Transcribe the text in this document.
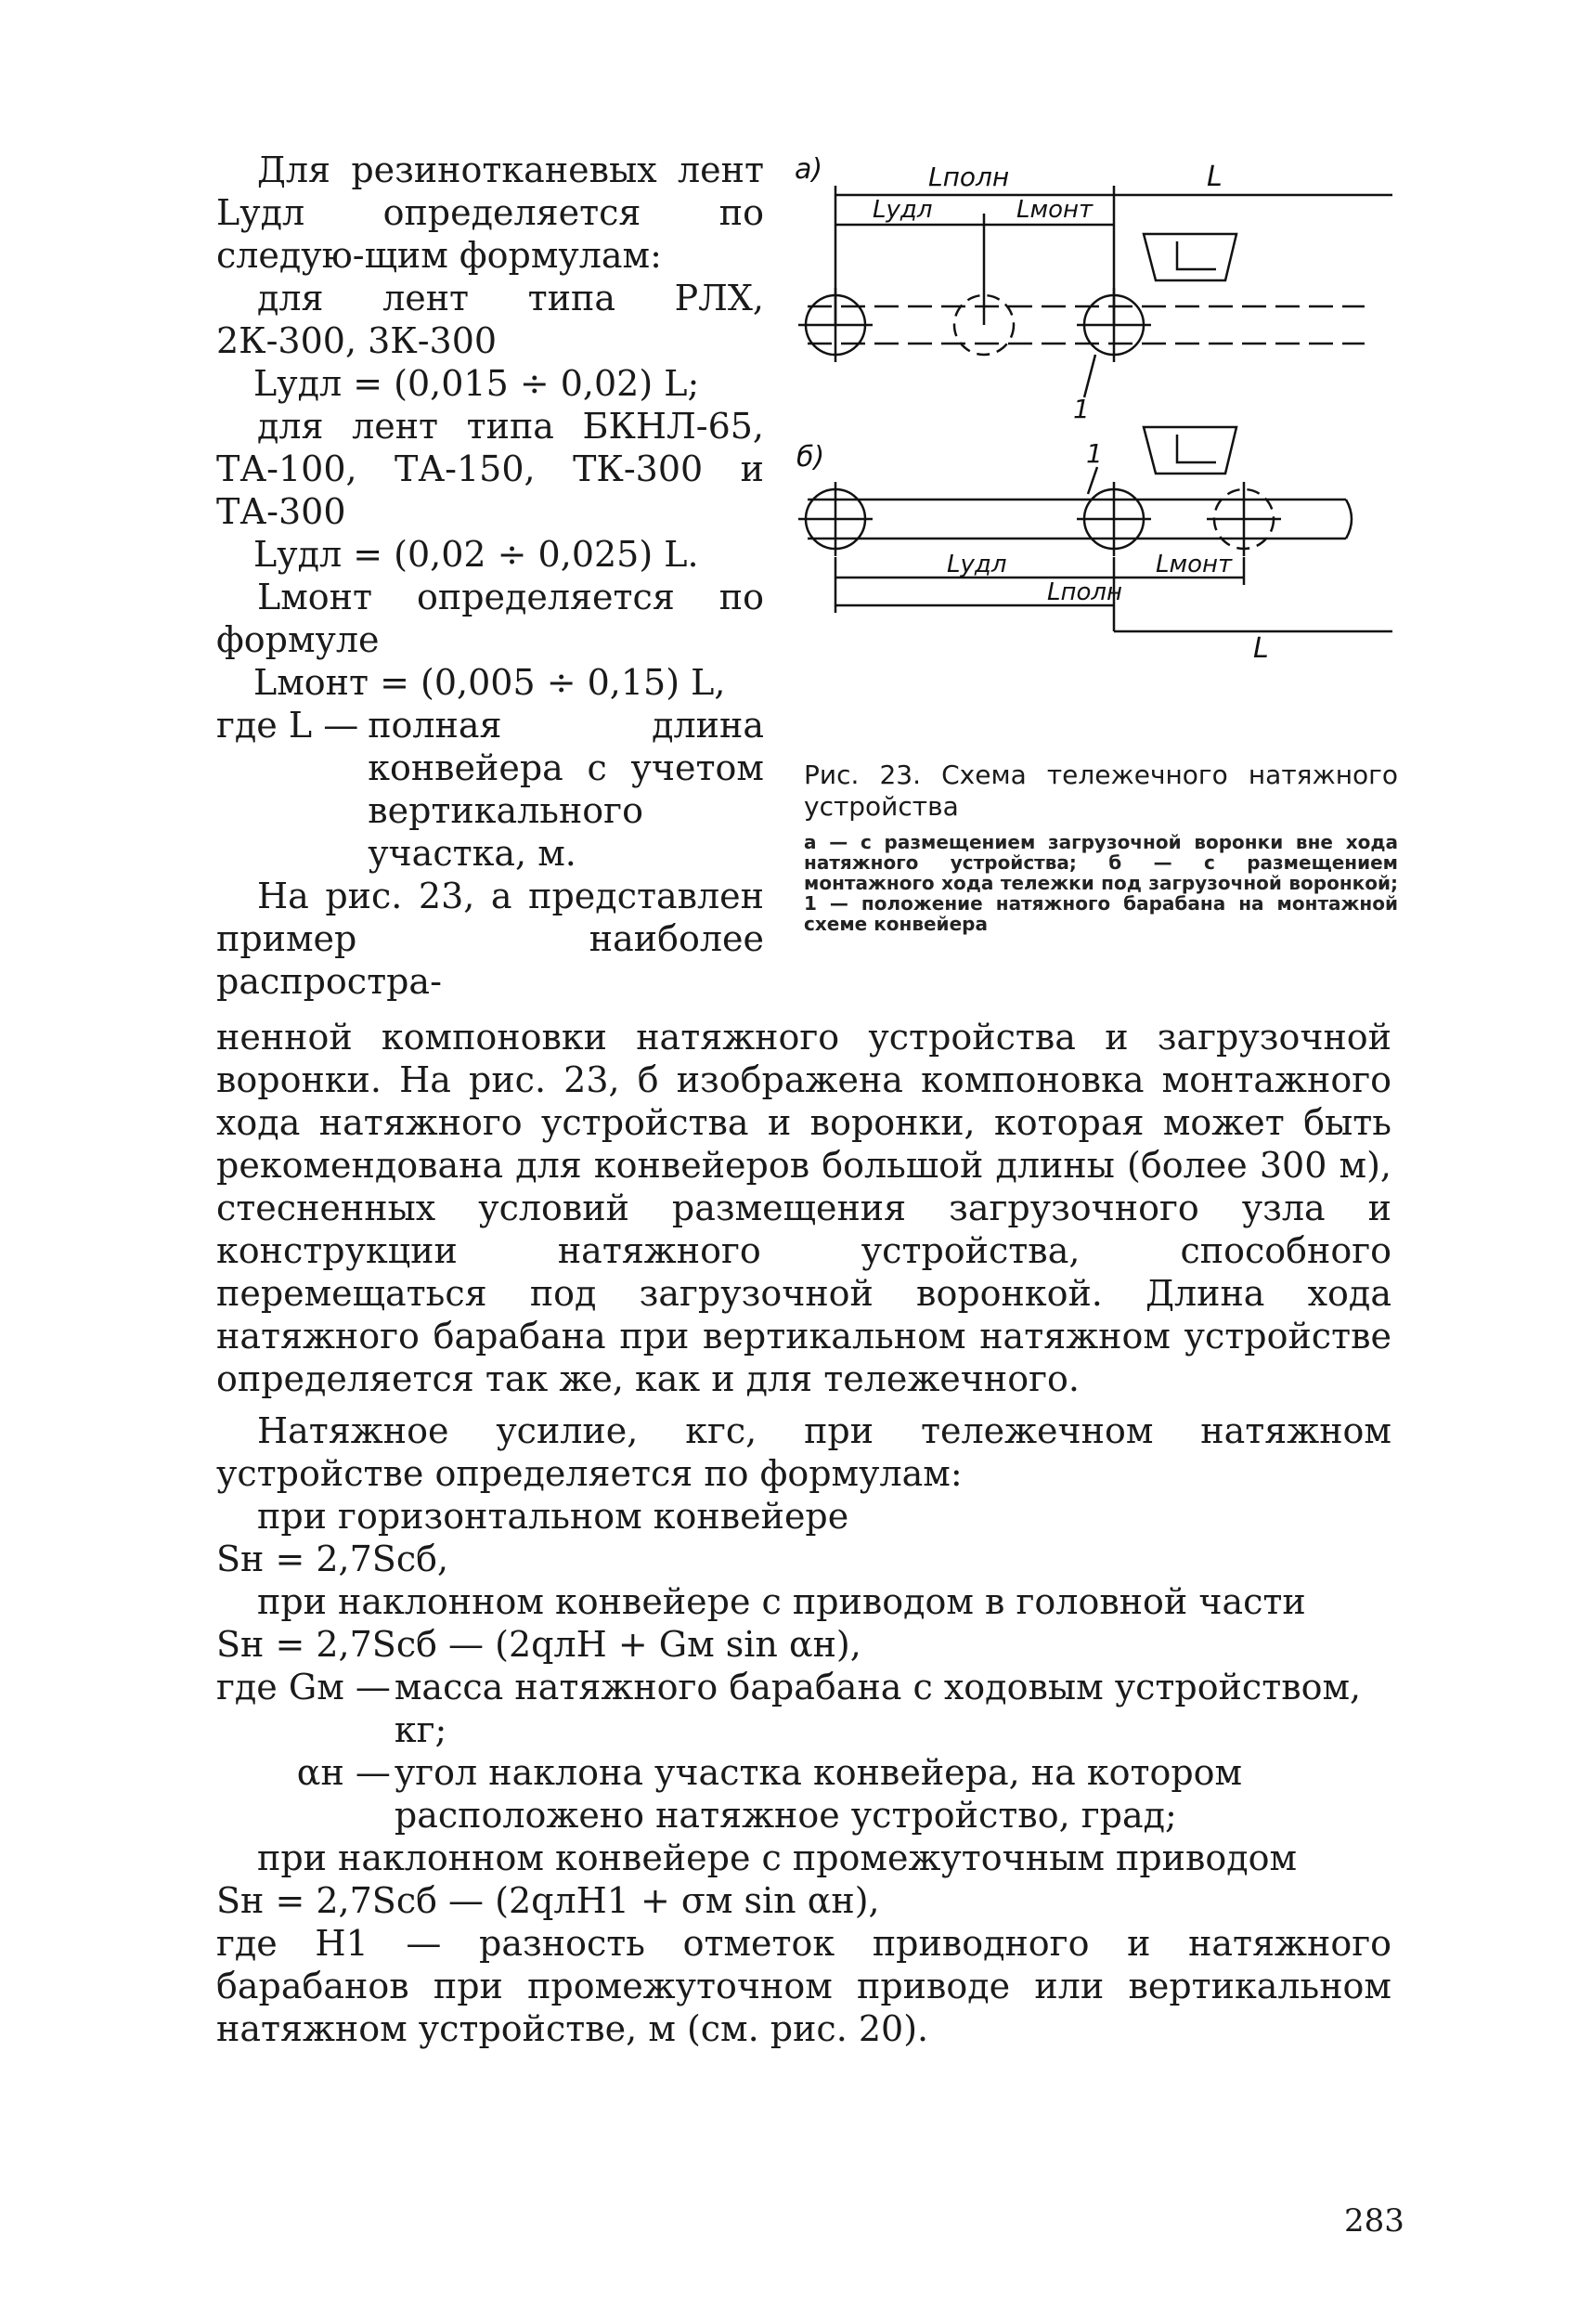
Для резинотканевых лент Lудл определяется по следую-щим формулам:

для лент типа РЛХ, 2К-300, 3К-300

Lудл = (0,015 ÷ 0,02) L;

для лент типа БКНЛ-65, ТА-100, ТА-150, ТК-300 и ТА-300

Lудл = (0,02 ÷ 0,025) L.

Lмонт определяется по формуле

Lмонт = (0,005 ÷ 0,15) L,

где L — полная длина конвейера с учетом вертикального участка, м.

На рис. 23, а представлен пример наиболее распростра-

а)	Lполн	L
Lудл	Lмонт
1
б)	1
Lудл	Lмонт
Lполн
L
Рис. 23. Схема тележечного натяжного устройства
а — с размещением загрузочной воронки вне хода натяжного устройства; б — с размещением монтажного хода тележки под загрузочной воронкой; 1 — положение натяжного барабана на монтажной схеме конвейера

ненной компоновки натяжного устройства и загрузочной воронки. На рис. 23, б изображена компоновка монтажного хода натяжного устройства и воронки, которая может быть рекомендована для конвейеров большой длины (более 300 м), стесненных условий размещения загрузочного узла и конструкции натяжного устройства, способного перемещаться под загрузочной воронкой. Длина хода натяжного барабана при вертикальном натяжном устройстве определяется так же, как и для тележечного.

Натяжное усилие, кгс, при тележечном натяжном устройстве определяется по формулам:

при горизонтальном конвейере

Sн = 2,7Sсб,

при наклонном конвейере с приводом в головной части

Sн = 2,7Sсб — (2qлH + Gм sin αн),

где Gм — масса натяжного барабана с ходовым устройством, кг;
αн — угол наклона участка конвейера, на котором расположено натяжное устройство, град;

при наклонном конвейере с промежуточным приводом

Sн = 2,7Sсб — (2qлH1 + σм sin αн),

где H1 — разность отметок приводного и натяжного барабанов при промежуточном приводе или вертикальном натяжном устройстве, м (см. рис. 20).

283
